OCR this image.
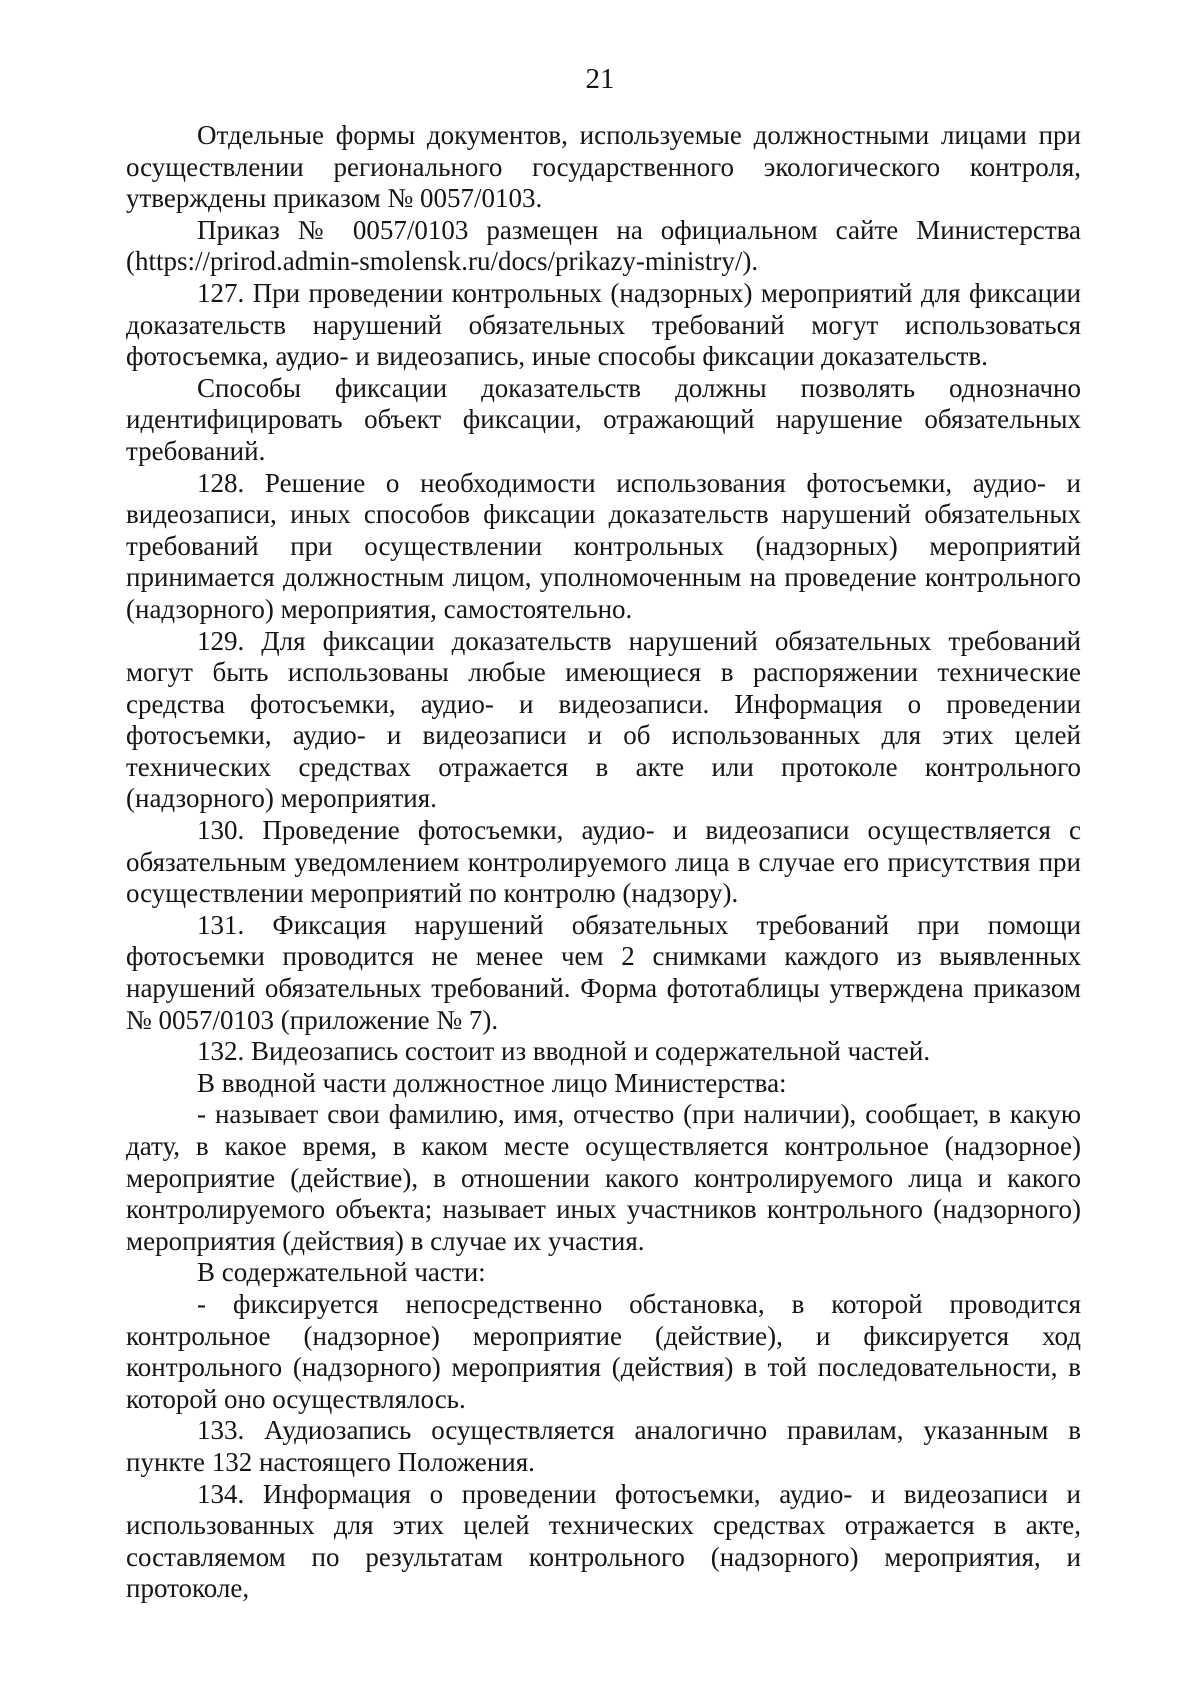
21

Отдельные формы документов, используемые должностными лицами при осуществлении регионального государственного экологического контроля, утверждены приказом № 0057/0103.

Приказ № 0057/0103 размещен на официальном сайте Министерства (https://prirod.admin-smolensk.ru/docs/prikazy-ministry/).

127. При проведении контрольных (надзорных) мероприятий для фиксации доказательств нарушений обязательных требований могут использоваться фотосъемка, аудио- и видеозапись, иные способы фиксации доказательств.

Способы фиксации доказательств должны позволять однозначно идентифицировать объект фиксации, отражающий нарушение обязательных требований.

128. Решение о необходимости использования фотосъемки, аудио- и видеозаписи, иных способов фиксации доказательств нарушений обязательных требований при осуществлении контрольных (надзорных) мероприятий принимается должностным лицом, уполномоченным на проведение контрольного (надзорного) мероприятия, самостоятельно.

129. Для фиксации доказательств нарушений обязательных требований могут быть использованы любые имеющиеся в распоряжении технические средства фотосъемки, аудио- и видеозаписи. Информация о проведении фотосъемки, аудио- и видеозаписи и об использованных для этих целей технических средствах отражается в акте или протоколе контрольного (надзорного) мероприятия.

130. Проведение фотосъемки, аудио- и видеозаписи осуществляется с обязательным уведомлением контролируемого лица в случае его присутствия при осуществлении мероприятий по контролю (надзору).

131. Фиксация нарушений обязательных требований при помощи фотосъемки проводится не менее чем 2 снимками каждого из выявленных нарушений обязательных требований. Форма фототаблицы утверждена приказом № 0057/0103 (приложение № 7).

132. Видеозапись состоит из вводной и содержательной частей.

В вводной части должностное лицо Министерства:

- называет свои фамилию, имя, отчество (при наличии), сообщает, в какую дату, в какое время, в каком месте осуществляется контрольное (надзорное) мероприятие (действие), в отношении какого контролируемого лица и какого контролируемого объекта; называет иных участников контрольного (надзорного) мероприятия (действия) в случае их участия.

В содержательной части:

- фиксируется непосредственно обстановка, в которой проводится контрольное (надзорное) мероприятие (действие), и фиксируется ход контрольного (надзорного) мероприятия (действия) в той последовательности, в которой оно осуществлялось.

133. Аудиозапись осуществляется аналогично правилам, указанным в пункте 132 настоящего Положения.

134. Информация о проведении фотосъемки, аудио- и видеозаписи и использованных для этих целей технических средствах отражается в акте, составляемом по результатам контрольного (надзорного) мероприятия, и протоколе,
